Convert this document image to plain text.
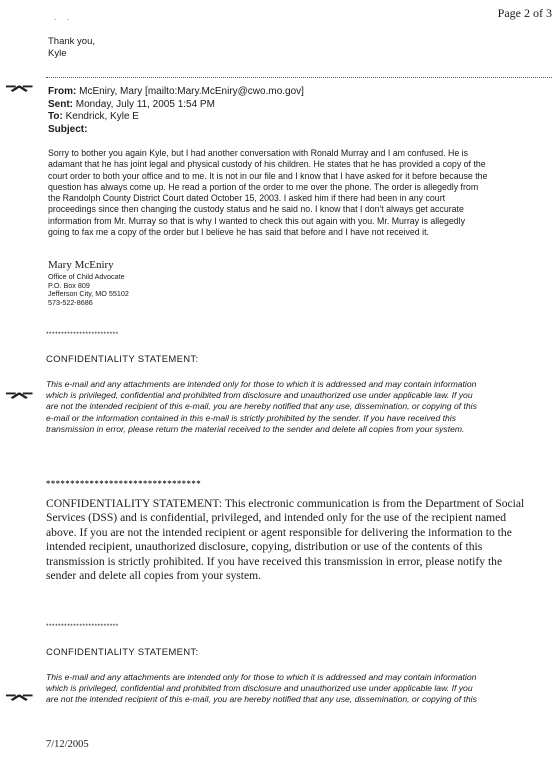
Page 2 of 3
. .
Thank you,
Kyle
⌤
⌤
⌤
From: McEniry, Mary [mailto:Mary.McEniry@cwo.mo.gov]
Sent: Monday, July 11, 2005 1:54 PM
To: Kendrick, Kyle E
Subject:
Sorry to bother you again Kyle, but I had another conversation with Ronald Murray and I am confused. He is
adamant that he has joint legal and physical custody of his children. He states that he has provided a copy of the
court order to both your office and to me. It is not in our file and I know that I have asked for it before because the
question has always come up. He read a portion of the order to me over the phone. The order is allegedly from
the Randolph County District Court dated October 15, 2003. I asked him if there had been in any court
proceedings since then changing the custody status and he said no. I know that I don't always get accurate
information from Mr. Murray so that is why I wanted to check this out again with you. Mr. Murray is allegedly
going to fax me a copy of the order but I believe he has said that before and I have not received it.
Mary McEniry
Office of Child Advocate
P.O. Box 809
Jefferson City, MO 55102
573-522-8686
************************
CONFIDENTIALITY STATEMENT:
This e-mail and any attachments are intended only for those to which it is addressed and may contain information
which is privileged, confidential and prohibited from disclosure and unauthorized use under applicable law. If you
are not the intended recipient of this e-mail, you are hereby notified that any use, dissemination, or copying of this
e-mail or the information contained in this e-mail is strictly prohibited by the sender. If you have received this
transmission in error, please return the material received to the sender and delete all copies from your system.
********************************
CONFIDENTIALITY STATEMENT: This electronic communication is from the Department of Social
Services (DSS) and is confidential, privileged, and intended only for the use of the recipient named
above. If you are not the intended recipient or agent responsible for delivering the information to the
intended recipient, unauthorized disclosure, copying, distribution or use of the contents of this
transmission is strictly prohibited. If you have received this transmission in error, please notify the
sender and delete all copies from your system.
************************
CONFIDENTIALITY STATEMENT:
This e-mail and any attachments are intended only for those to which it is addressed and may contain information
which is privileged, confidential and prohibited from disclosure and unauthorized use under applicable law. If you
are not the intended recipient of this e-mail, you are hereby notified that any use, dissemination, or copying of this
7/12/2005
